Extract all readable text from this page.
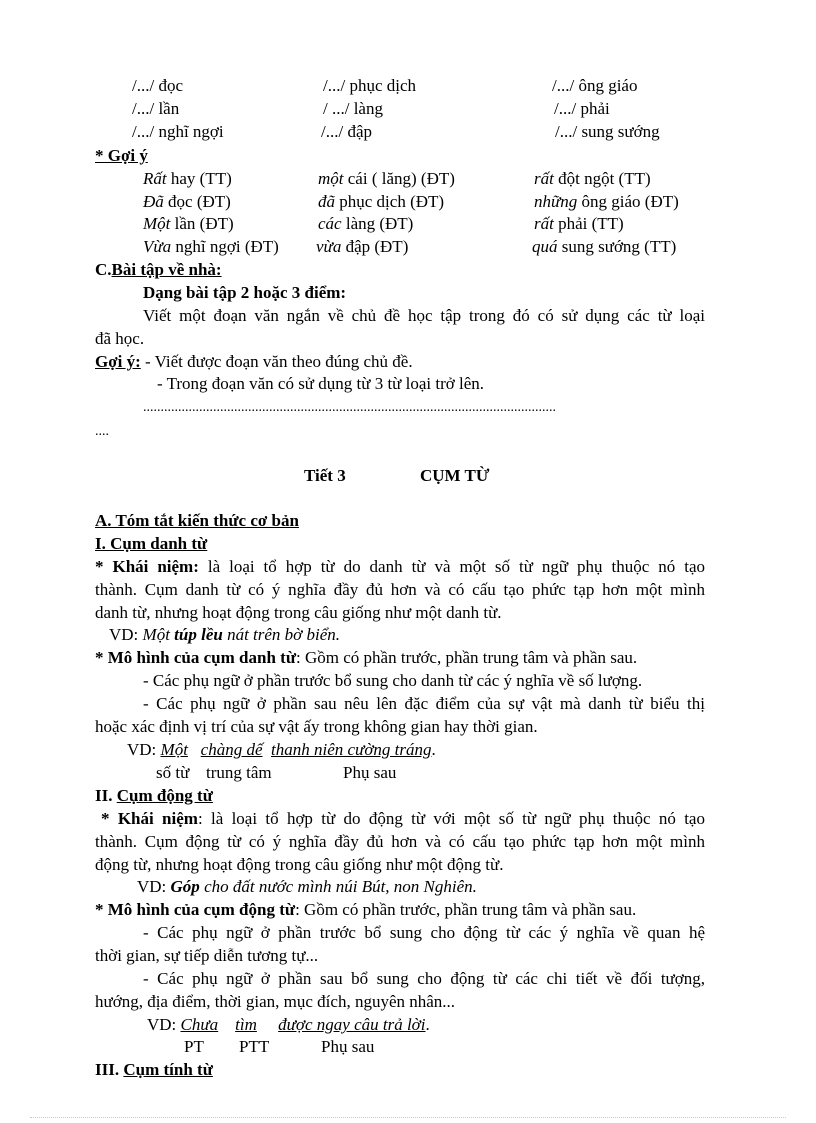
/.../ đọc	/.../ phục dịch	/.../ ông giáo
/.../ lần	/ .../ làng	/.../ phải
/.../ nghĩ ngợi	/.../ đập	/.../ sung sướng
* Gợi ý
Rất hay (TT)	một cái ( lăng) (ĐT)	rất đột ngột (TT)
Đã đọc (ĐT)	đã phục dịch (ĐT)	những ông giáo (ĐT)
Một lần (ĐT)	các làng (ĐT)	rất phải (TT)
Vừa nghĩ ngợi (ĐT) vừa đập (ĐT)	quá sung sướng (TT)
C.Bài tập về nhà:
Dạng bài tập 2 hoặc 3 điểm:
Viết một đoạn văn ngắn về chủ đề học tập trong đó có sử dụng các từ loại
đã học.
Gợi ý: - Viết được đoạn văn theo đúng chủ đề.
- Trong đoạn văn có sử dụng từ 3 từ loại trở lên.
......................................................................................................................
....
Tiết 3	CỤM TỪ
A. Tóm tắt kiến thức cơ bản
I. Cụm danh từ
* Khái niệm: là loại tổ hợp từ do danh từ và một số từ ngữ phụ thuộc nó tạo
thành. Cụm danh từ có ý nghĩa đầy đủ hơn và có cấu tạo phức tạp hơn một mình
danh từ, nhưng hoạt động trong câu giống như một danh từ.
VD: Một túp lều nát trên bờ biển.
* Mô hình của cụm danh từ: Gồm có phần trước, phần trung tâm và phần sau.
- Các phụ ngữ ở phần trước bổ sung cho danh từ các ý nghĩa về số lượng.
- Các phụ ngữ ở phần sau nêu lên đặc điểm của sự vật mà danh từ biểu thị
hoặc xác định vị trí của sự vật ấy trong không gian hay thời gian.
VD: Một chàng dế thanh niên cường tráng.
số từ trung tâm	Phụ sau
II. Cụm động từ
* Khái niệm: là loại tổ hợp từ do động từ với một số từ ngữ phụ thuộc nó tạo
thành. Cụm động từ có ý nghĩa đầy đủ hơn và có cấu tạo phức tạp hơn một mình
động từ, nhưng hoạt động trong câu giống như một động từ.
VD: Góp cho đất nước mình núi Bút, non Nghiên.
* Mô hình của cụm động từ: Gồm có phần trước, phần trung tâm và phần sau.
- Các phụ ngữ ở phần trước bổ sung cho động từ các ý nghĩa về quan hệ
thời gian, sự tiếp diễn tương tự...
- Các phụ ngữ ở phần sau bổ sung cho động từ các chi tiết về đối tượng,
hướng, địa điểm, thời gian, mục đích, nguyên nhân...
VD: Chưa tìm được ngay câu trả lời.
PT PTT	Phụ sau
III. Cụm tính từ
